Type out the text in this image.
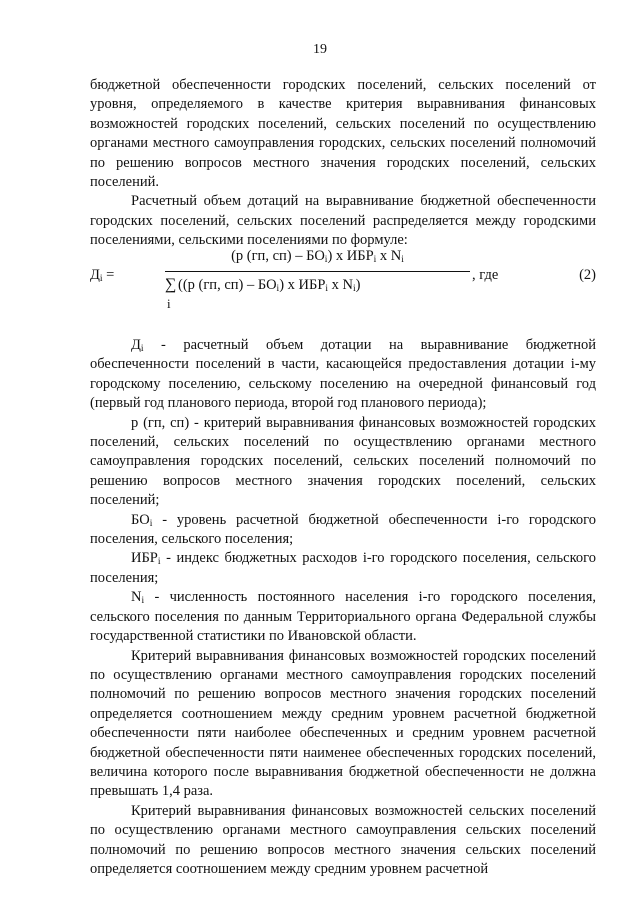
19

бюджетной обеспеченности городских поселений, сельских поселений от уровня, определяемого в качестве критерия выравнивания финансовых возможностей городских поселений, сельских поселений по осуществлению органами местного самоуправления городских, сельских поселений полномочий по решению вопросов местного значения городских поселений, сельских поселений.

Расчетный объем дотаций на выравнивание бюджетной обеспеченности городских поселений, сельских поселений распределяется между городскими поселениями, сельскими поселениями по формуле:

$Д_i$ =
(р (гп, $сп) - БО_i$) х $ИБР_i$ х $N_i$
∑
i
((р (гп, $сп) - БО_i$) х $ИБР_i$ х $N_i$)
, где	(2)

$Д_i$ - расчетный объем дотации на выравнивание бюджетной обеспеченности поселений в части, касающейся предоставления дотации i-му городскому поселению, сельскому поселению на очередной финансовый год (первый год планового периода, второй год планового периода);

р (гп, сп) - критерий выравнивания финансовых возможностей городских поселений, сельских поселений по осуществлению органами местного самоуправления городских поселений, сельских поселений полномочий по решению вопросов местного значения городских поселений, сельских поселений;

$БО_i$ - уровень расчетной бюджетной обеспеченности i-го городского поселения, сельского поселения;

$ИБР_i$ - индекс бюджетных расходов i-го городского поселения, сельского поселения;

$N_i$ - численность постоянного населения i-го городского поселения, сельского поселения по данным Территориального органа Федеральной службы государственной статистики по Ивановской области.

Критерий выравнивания финансовых возможностей городских поселений по осуществлению органами местного самоуправления городских поселений полномочий по решению вопросов местного значения городских поселений определяется соотношением между средним уровнем расчетной бюджетной обеспеченности пяти наиболее обеспеченных и средним уровнем расчетной бюджетной обеспеченности пяти наименее обеспеченных городских поселений, величина которого после выравнивания бюджетной обеспеченности не должна превышать 1,4 раза.

Критерий выравнивания финансовых возможностей сельских поселений по осуществлению органами местного самоуправления сельских поселений полномочий по решению вопросов местного значения сельских поселений определяется соотношением между средним уровнем расчетной
